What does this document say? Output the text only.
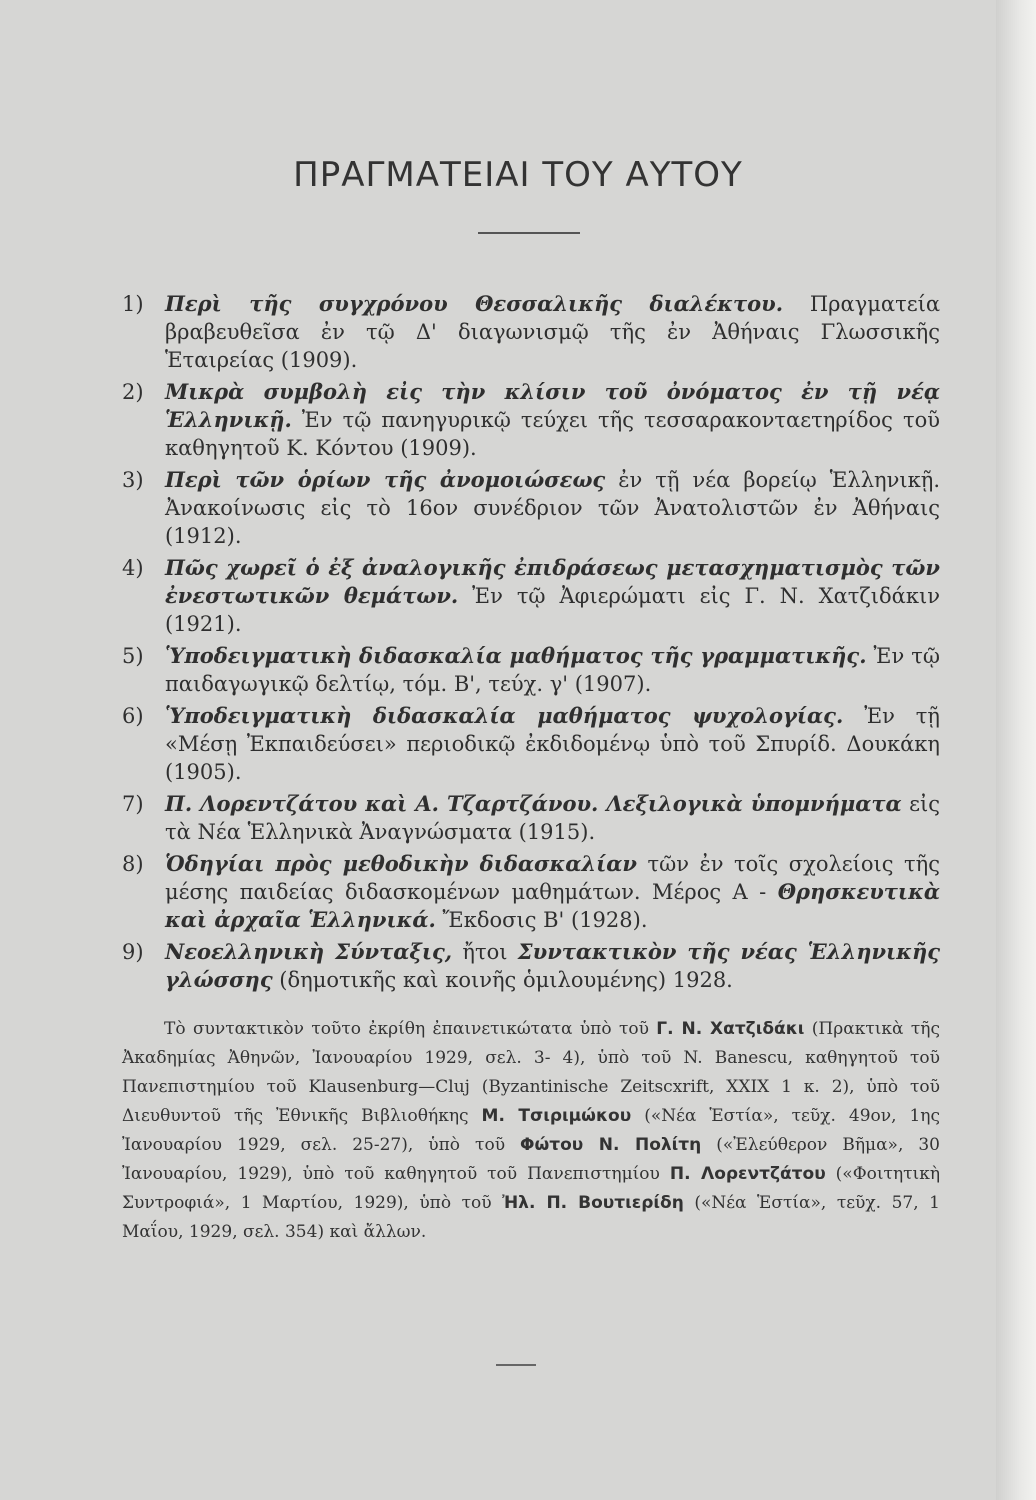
ΠΡΑΓΜΑΤΕΙΑΙ ΤΟΥ ΑΥΤΟΥ
1) Περὶ τῆς συγχρόνου Θεσσαλικῆς διαλέκτου. Πραγματεία βραβευθεῖσα ἐν τῷ Δ' διαγωνισμῷ τῆς ἐν Ἀθήναις Γλωσσικῆς Ἑταιρείας (1909).
2) Μικρὰ συμβολὴ εἰς τὴν κλίσιν τοῦ ὀνόματος ἐν τῇ νέᾳ Ἑλληνικῇ. Ἐν τῷ πανηγυρικῷ τεύχει τῆς τεσσαρακονταετηρίδος τοῦ καθηγητοῦ Κ. Κόντου (1909).
3) Περὶ τῶν ὁρίων τῆς ἀνομοιώσεως ἐν τῇ νέα βορείῳ Ἑλληνικῇ. Ἀνακοίνωσις εἰς τὸ 16ον συνέδριον τῶν Ἀνατολιστῶν ἐν Ἀθήναις (1912).
4) Πῶς χωρεῖ ὁ ἐξ ἀναλογικῆς ἐπιδράσεως μετασχηματισμὸς τῶν ἐνεστωτικῶν θεμάτων. Ἐν τῷ Ἀφιερώματι εἰς Γ. Ν. Χατζιδάκιν (1921).
5) Ὑποδειγματικὴ διδασκαλία μαθήματος τῆς γραμματικῆς. Ἐν τῷ παιδαγωγικῷ δελτίῳ, τόμ. Β', τεύχ. γ' (1907).
6) Ὑποδειγματικὴ διδασκαλία μαθήματος ψυχολογίας. Ἐν τῇ «Μέσῃ Ἐκπαιδεύσει» περιοδικῷ ἐκδιδομένῳ ὑπὸ τοῦ Σπυρίδ. Δουκάκη (1905).
7) Π. Λορεντζάτου καὶ Α. Τζαρτζάνου. Λεξιλογικὰ ὑπομνήματα εἰς τὰ Νέα Ἑλληνικὰ Ἀναγνώσματα (1915).
8) Ὁδηγίαι πρὸς μεθοδικὴν διδασκαλίαν τῶν ἐν τοῖς σχολείοις τῆς μέσης παιδείας διδασκομένων μαθημάτων. Μέρος Α - Θρησκευτικὰ καὶ ἀρχαῖα Ἑλληνικά. Ἔκδοσις Β' (1928).
9) Νεοελληνικὴ Σύνταξις, ἤτοι Συντακτικὸν τῆς νέας Ἑλληνικῆς γλώσσης (δημοτικῆς καὶ κοινῆς ὁμιλουμένης) 1928.

Τὸ συντακτικὸν τοῦτο ἐκρίθη ἐπαινετικώτατα ὑπὸ τοῦ Γ. Ν. Χατζιδάκι (Πρακτικὰ τῆς Ἀκαδημίας Ἀθηνῶν, Ἰανουαρίου 1929, σελ. 3- 4), ὑπὸ τοῦ N. Banescu, καθηγητοῦ τοῦ Πανεπιστημίου τοῦ Klausenburg—Cluj (Byzantinische Zeitscxrift, XXIX 1 κ. 2), ὑπὸ τοῦ Διευθυντοῦ τῆς Ἐθνικῆς Βιβλιοθήκης Μ. Τσιριμώκου («Νέα Ἑστία», τεῦχ. 49ον, 1ης Ἰανουαρίου 1929, σελ. 25-27), ὑπὸ τοῦ Φώτου Ν. Πολίτη («Ἐλεύθερον Βῆμα», 30 Ἰανουαρίου, 1929), ὑπὸ τοῦ καθηγητοῦ τοῦ Πανεπιστημίου Π. Λορεντζάτου («Φοιτητικὴ Συντροφιά», 1 Μαρτίου, 1929), ὑπὸ τοῦ Ἠλ. Π. Βουτιερίδη («Νέα Ἑστία», τεῦχ. 57, 1 Μαΐου, 1929, σελ. 354) καὶ ἄλλων.
